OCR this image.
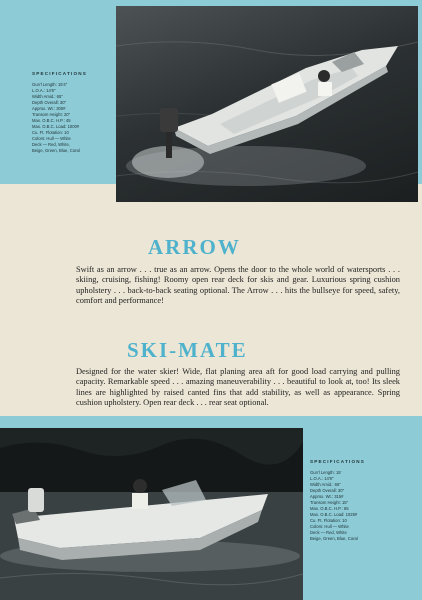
SPECIFICATIONS
Gun'l Length: 15'4"
L.O.A.: 14'6"
Width Amid.: 65"
Depth Overall: 30"
Approx. Wt.: 300#
Transom Height: 20"
Max. O.B.C. H.P.: 45
Max. O.B.C. Load: 1000#
Cu. Ft. Flotation: 10
Colors: Hull — White
Deck — Red, White,
Beige, Green, Blue, Coral
ARROW

Swift as an arrow . . . true as an arrow. Opens the door to the whole world of watersports . . . skiing, cruising, fishing! Roomy open rear deck for skis and gear. Luxurious spring cushion upholstery . . . back-to-back seating optional. The Arrow . . . hits the bullseye for speed, safety, comfort and performance!

SKI-MATE

Designed for the water skier! Wide, flat planing area aft for good load carrying and pulling capacity. Remarkable speed . . . amazing maneuverability . . . beautiful to look at, too! Its sleek lines are highlighted by raised canted fins that add stability, as well as appearance. Spring cushion upholstery. Open rear deck . . . rear seat optional.

SPECIFICATIONS
Gun'l Length: 15'
L.O.A.: 14'9"
Width Amid.: 66"
Depth Overall: 30"
Approx. Wt.: 315#
Transom Height: 15"
Max. O.B.C. H.P.: 65
Max. O.B.C. Load: 1025#
Cu. Ft. Flotation: 10
Colors: Hull — White
Deck — Red, White
Beige, Green, Blue, Coral
